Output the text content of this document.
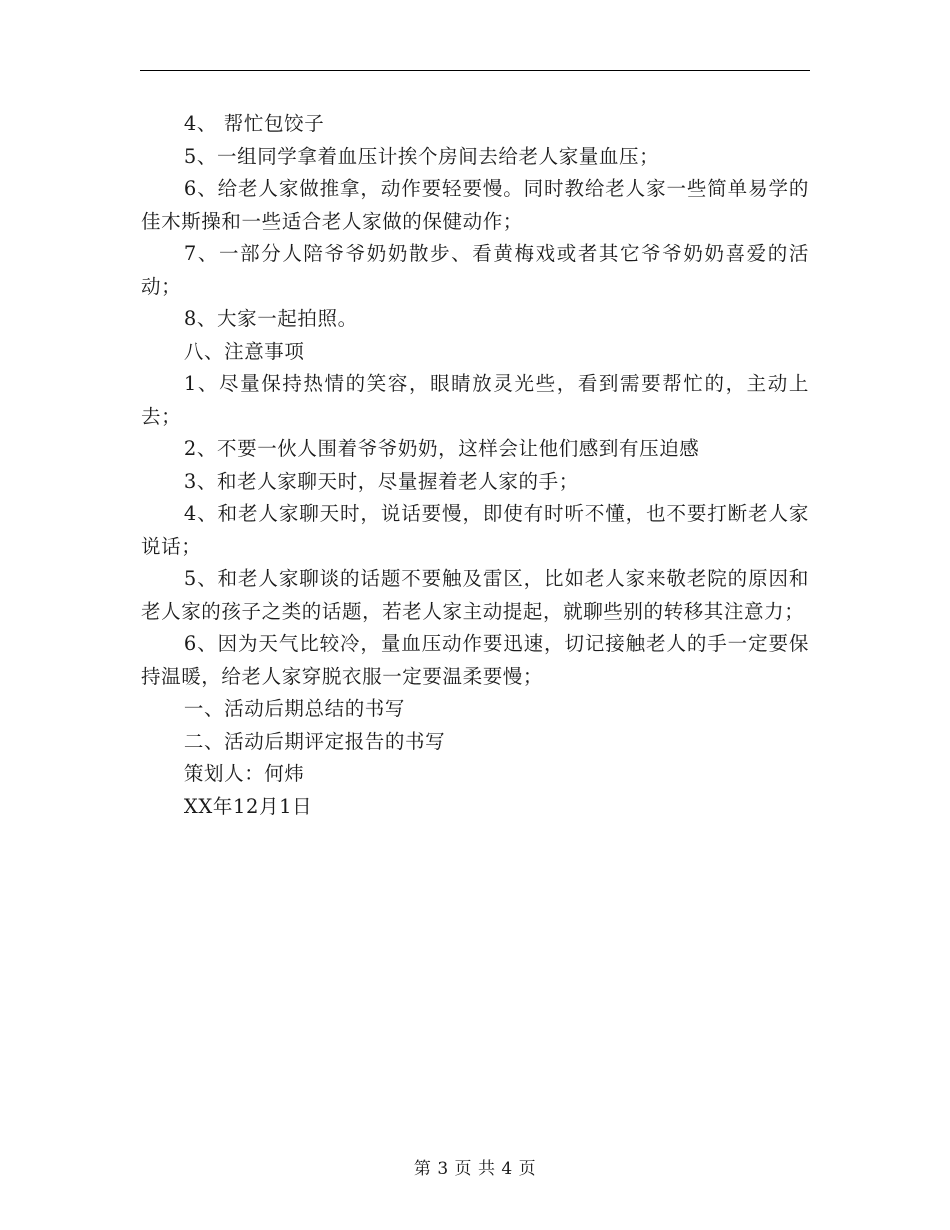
4、 帮忙包饺子

5、一组同学拿着血压计挨个房间去给老人家量血压；

6、给老人家做推拿，动作要轻要慢。同时教给老人家一些简单易学的佳木斯操和一些适合老人家做的保健动作；

7、一部分人陪爷爷奶奶散步、看黄梅戏或者其它爷爷奶奶喜爱的活动；

8、大家一起拍照。

八、注意事项

1、尽量保持热情的笑容，眼睛放灵光些，看到需要帮忙的，主动上去；

2、不要一伙人围着爷爷奶奶，这样会让他们感到有压迫感

3、和老人家聊天时，尽量握着老人家的手；

4、和老人家聊天时，说话要慢，即使有时听不懂，也不要打断老人家说话；

5、和老人家聊谈的话题不要触及雷区，比如老人家来敬老院的原因和老人家的孩子之类的话题，若老人家主动提起，就聊些别的转移其注意力；

6、因为天气比较冷，量血压动作要迅速，切记接触老人的手一定要保持温暖，给老人家穿脱衣服一定要温柔要慢；

一、活动后期总结的书写

二、活动后期评定报告的书写

策划人：何炜

XX年12月1日

第 3 页 共 4 页
